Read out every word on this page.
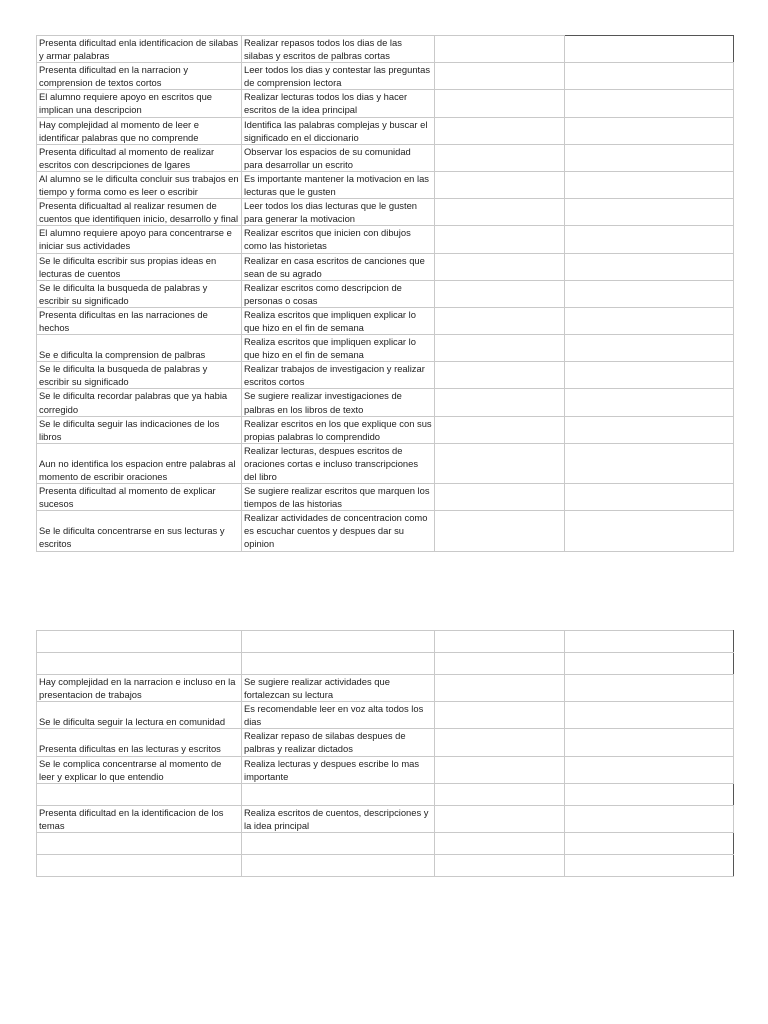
Presenta dificultad enla identificacion de silabas y armar palabras	Realizar repasos todos los dias de las silabas y escritos de palbras cortas		
Presenta dificultad en la narracion y comprension de textos cortos	Leer todos los dias y contestar las preguntas de comprension lectora		
El alumno requiere apoyo en escritos que implican una descripcion	Realizar lecturas todos los dias y hacer escritos de la idea principal		
Hay complejidad al momento de leer e identificar palabras que no comprende	Identifica las palabras complejas y buscar el significado en el diccionario		
Presenta dificultad al momento de realizar escritos con descripciones de lgares	Observar los espacios de su comunidad para desarrollar un escrito		
Al alumno se le dificulta concluir sus trabajos en tiempo y forma como es leer o escribir	Es importante mantener la motivacion en las lecturas que le gusten		
Presenta dificualtad al realizar resumen de cuentos que identifiquen inicio, desarrollo y final	Leer todos los dias lecturas que le gusten para generar la motivacion		
El alumno requiere apoyo para concentrarse e iniciar sus actividades	Realizar escritos que inicien con dibujos como las historietas		
Se le dificulta escribir sus propias ideas en lecturas de cuentos	Realizar en casa escritos de canciones que sean de su agrado		
Se le dificulta la busqueda de palabras y escribir su significado	Realizar escritos como descripcion de personas o cosas		
Presenta dificultas en las narraciones de hechos	Realiza escritos que impliquen explicar lo que hizo en el fin de semana		
Se e dificulta la comprension de palbras	Realiza escritos que impliquen explicar lo que hizo en el fin de semana		
Se le dificulta la busqueda de palabras y escribir su significado	Realizar trabajos de investigacion y realizar escritos cortos		
Se le dificulta recordar palabras que ya habia corregido	Se sugiere realizar investigaciones de palbras en los libros de texto		
Se le dificulta seguir las indicaciones de los libros	Realizar escritos en los que explique con sus propias palabras lo comprendido		
Aun no identifica los espacion entre palabras al momento de escribir oraciones	Realizar lecturas, despues escritos de oraciones cortas e incluso transcripciones del libro		
Presenta dificultad al momento de explicar sucesos	Se sugiere realizar escritos que marquen los tiempos de las historias		
Se le dificulta concentrarse en sus lecturas y escritos	Realizar actividades de concentracion como es escuchar cuentos y despues dar su opinion		

Hay complejidad en la narracion e incluso en la presentacion de trabajos	Se sugiere realizar actividades que fortalezcan su lectura		
Se le dificulta seguir la lectura en comunidad	Es recomendable leer en voz alta todos los dias		
Presenta dificultas en las lecturas y escritos	Realizar repaso de silabas despues de palbras y realizar dictados		
Se le complica concentrarse al momento de leer y explicar lo que entendio	Realiza lecturas y despues escribe lo mas importante		

Presenta dificultad en la identificacion de los temas	Realiza escritos de cuentos, descripciones y la idea principal		
